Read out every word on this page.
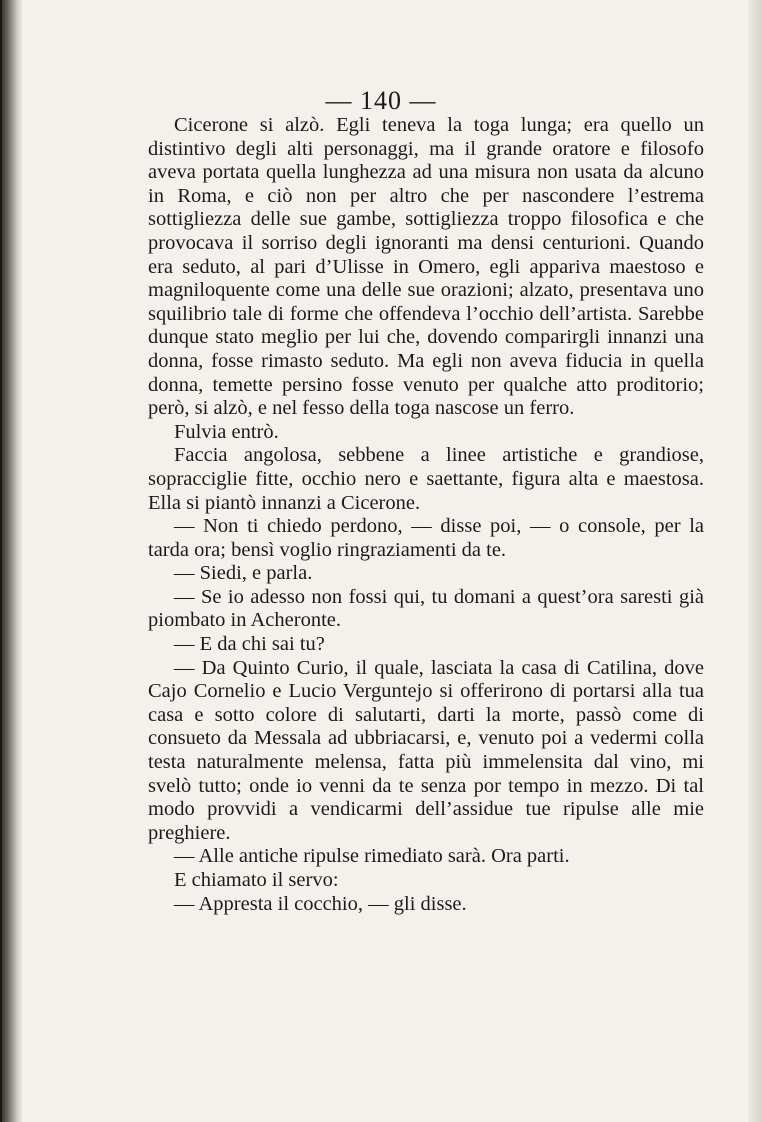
— 140 —

Cicerone si alzò. Egli teneva la toga lunga; era quello un distintivo degli alti personaggi, ma il grande oratore e filosofo aveva portata quella lunghezza ad una misura non usata da alcuno in Roma, e ciò non per altro che per nascondere l’estrema sottigliezza delle sue gambe, sottigliezza troppo filosofica e che provocava il sorriso degli ignoranti ma densi centurioni. Quando era seduto, al pari d’Ulisse in Omero, egli appariva maestoso e magniloquente come una delle sue orazioni; alzato, presentava uno squilibrio tale di forme che offendeva l’occhio dell’artista. Sarebbe dunque stato meglio per lui che, dovendo comparirgli innanzi una donna, fosse rimasto seduto. Ma egli non aveva fiducia in quella donna, temette persino fosse venuto per qualche atto proditorio; però, si alzò, e nel fesso della toga nascose un ferro.

Fulvia entrò.

Faccia angolosa, sebbene a linee artistiche e grandiose, sopracciglie fitte, occhio nero e saettante, figura alta e maestosa. Ella si piantò innanzi a Cicerone.

— Non ti chiedo perdono, — disse poi, — o console, per la tarda ora; bensì voglio ringraziamenti da te.

— Siedi, e parla.

— Se io adesso non fossi qui, tu domani a quest’ora saresti già piombato in Acheronte.

— E da chi sai tu?

— Da Quinto Curio, il quale, lasciata la casa di Catilina, dove Cajo Cornelio e Lucio Verguntejo si offerirono di portarsi alla tua casa e sotto colore di salutarti, darti la morte, passò come di consueto da Messala ad ubbriacarsi, e, venuto poi a vedermi colla testa naturalmente melensa, fatta più immelensita dal vino, mi svelò tutto; onde io venni da te senza por tempo in mezzo. Di tal modo provvidi a vendicarmi dell’assidue tue ripulse alle mie preghiere.

— Alle antiche ripulse rimediato sarà. Ora parti.

E chiamato il servo:

— Appresta il cocchio, — gli disse.
